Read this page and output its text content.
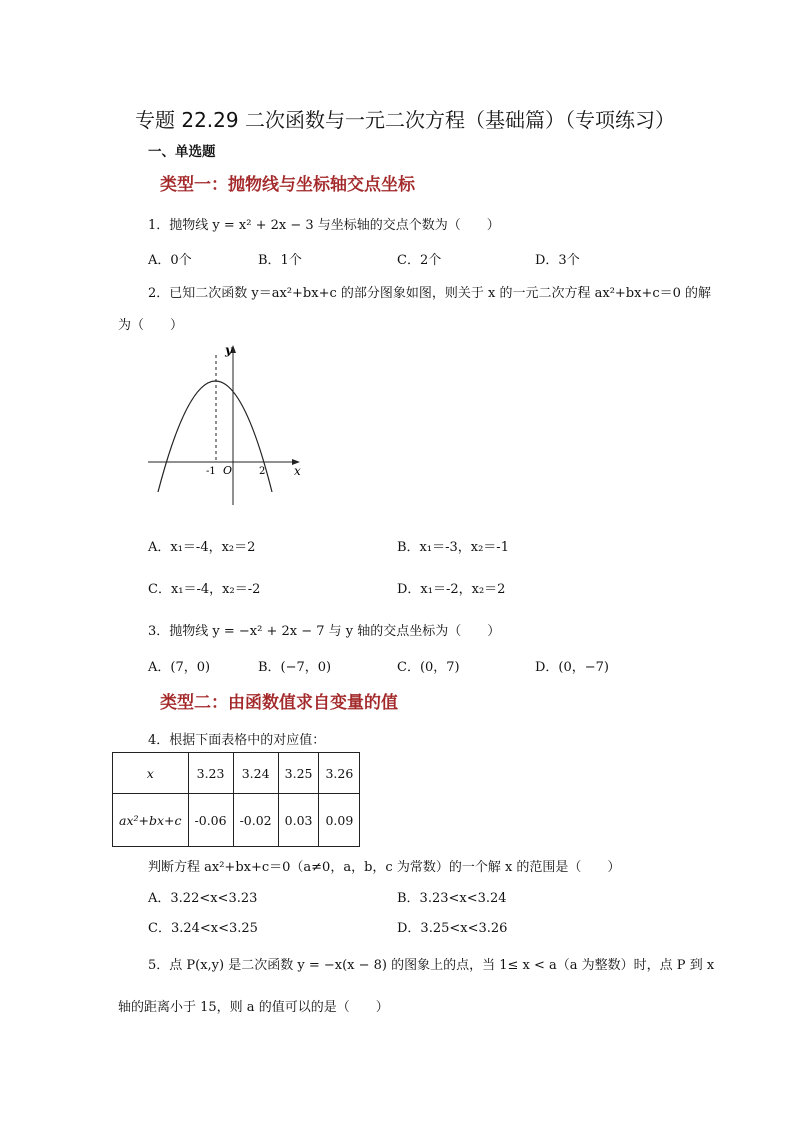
专题 22.29 二次函数与一元二次方程（基础篇）（专项练习）
一、单选题
类型一：抛物线与坐标轴交点坐标
1．抛物线 y = x² + 2x − 3 与坐标轴的交点个数为（　　）
A．0个	B．1个	C．2个	D．3个
2．已知二次函数 y＝ax²+bx+c 的部分图象如图，则关于 x 的一元二次方程 ax²+bx+c＝0 的解
为（　　）
y
x
O
-1	2
A．x₁＝-4，x₂＝2	B．x₁＝-3，x₂＝-1
C．x₁＝-4，x₂＝-2	D．x₁＝-2，x₂＝2
3．抛物线 y = −x² + 2x − 7 与 y 轴的交点坐标为（　　）
A．(7，0)	B．(−7，0)	C．(0，7)	D．(0，−7)
类型二：由函数值求自变量的值
4．根据下面表格中的对应值：
x	3.23	3.24	3.25	3.26
ax²+bx+c	-0.06	-0.02	0.03	0.09
判断方程 ax²+bx+c＝0（a≠0，a，b，c 为常数）的一个解 x 的范围是（　　）
A．3.22<x<3.23	B．3.23<x<3.24
C．3.24<x<3.25	D．3.25<x<3.26
5．点 P(x,y) 是二次函数 y = −x(x − 8) 的图象上的点，当 1≤ x < a（a 为整数）时，点 P 到 x
轴的距离小于 15，则 a 的值可以的是（　　）
